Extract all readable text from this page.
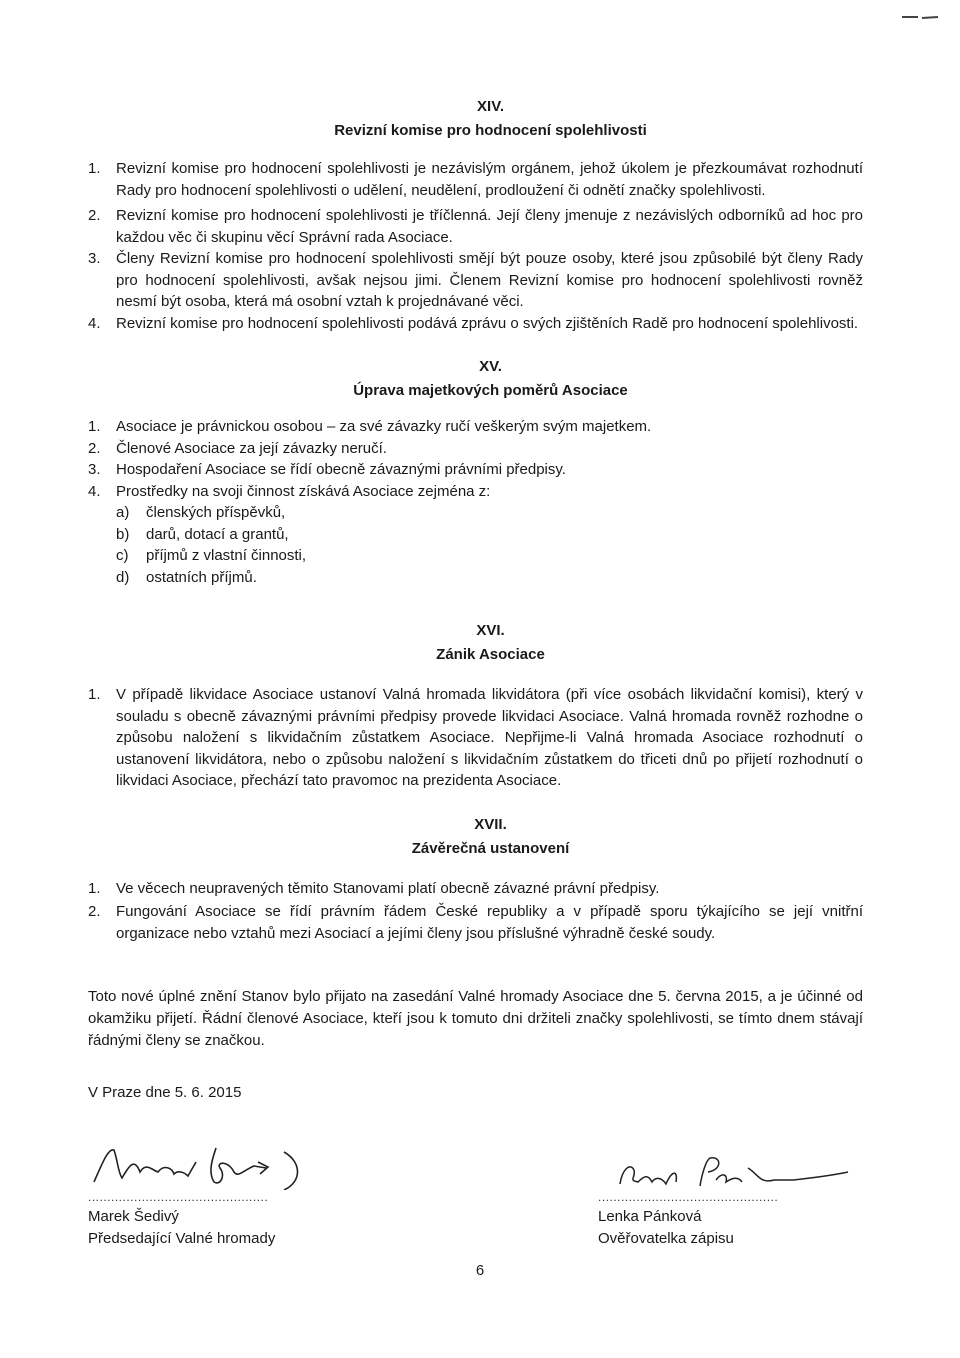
XIV.
Revizní komise pro hodnocení spolehlivosti
1. Revizní komise pro hodnocení spolehlivosti je nezávislým orgánem, jehož úkolem je přezkoumávat rozhodnutí Rady pro hodnocení spolehlivosti o udělení, neudělení, prodloužení či odnětí značky spolehlivosti.
2. Revizní komise pro hodnocení spolehlivosti je tříčlenná. Její členy jmenuje z nezávislých odborníků ad hoc pro každou věc či skupinu věcí Správní rada Asociace.
3. Členy Revizní komise pro hodnocení spolehlivosti smějí být pouze osoby, které jsou způsobilé být členy Rady pro hodnocení spolehlivosti, avšak nejsou jimi. Členem Revizní komise pro hodnocení spolehlivosti rovněž nesmí být osoba, která má osobní vztah k projednávané věci.
4. Revizní komise pro hodnocení spolehlivosti podává zprávu o svých zjištěních Radě pro hodnocení spolehlivosti.
XV.
Úprava majetkových poměrů Asociace
1. Asociace je právnickou osobou – za své závazky ručí veškerým svým majetkem.
2. Členové Asociace za její závazky neručí.
3. Hospodaření Asociace se řídí obecně závaznými právními předpisy.
4. Prostředky na svoji činnost získává Asociace zejména z:
a) členských příspěvků,
b) darů, dotací a grantů,
c) příjmů z vlastní činnosti,
d) ostatních příjmů.
XVI.
Zánik Asociace
1. V případě likvidace Asociace ustanoví Valná hromada likvidátora (při více osobách likvidační komisi), který v souladu s obecně závaznými právními předpisy provede likvidaci Asociace. Valná hromada rovněž rozhodne o způsobu naložení s likvidačním zůstatkem Asociace. Nepřijme-li Valná hromada Asociace rozhodnutí o ustanovení likvidátora, nebo o způsobu naložení s likvidačním zůstatkem do třiceti dnů po přijetí rozhodnutí o likvidaci Asociace, přechází tato pravomoc na prezidenta Asociace.
XVII.
Závěrečná ustanovení
1. Ve věcech neupravených těmito Stanovami platí obecně závazné právní předpisy.
2. Fungování Asociace se řídí právním řádem České republiky a v případě sporu týkajícího se její vnitřní organizace nebo vztahů mezi Asociací a jejími členy jsou příslušné výhradně české soudy.

Toto nové úplné znění Stanov bylo přijato na zasedání Valné hromady Asociace dne 5. června 2015, a je účinné od okamžiku přijetí. Řádní členové Asociace, kteří jsou k tomuto dni držiteli značky spolehlivosti, se tímto dnem stávají řádnými členy se značkou.

V Praze dne 5. 6. 2015

...............................................
Marek Šedivý
Předsedající Valné hromady
...............................................
Lenka Pánková
Ověřovatelka zápisu
6
